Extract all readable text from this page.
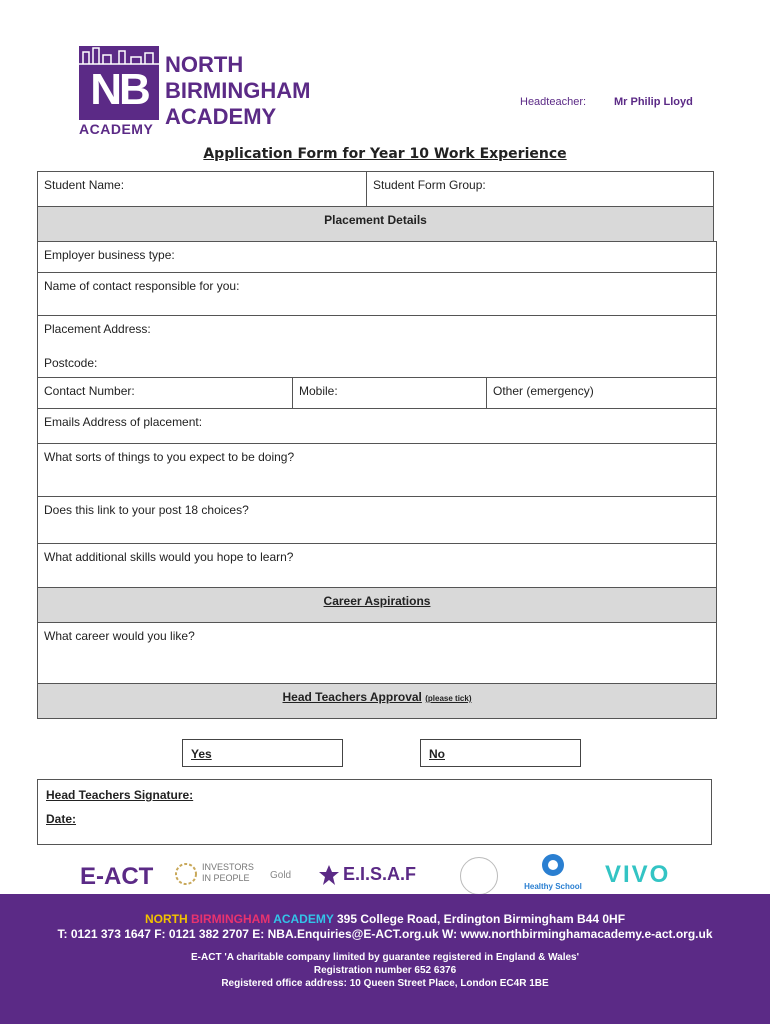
NB
ACADEMY
NORTH
BIRMINGHAM
ACADEMY
Headteacher:	Mr Philip Lloyd
Application Form for Year 10 Work Experience
Student Name:	Student Form Group:
Placement Details
Employer business type:
Name of contact responsible for you:
Placement Address:
Postcode:
Contact Number:	Mobile:	Other (emergency)
Emails Address of placement:
What sorts of things to you expect to be doing?
Does this link to your post 18 choices?
What additional skills would you hope to learn?
Career Aspirations
What career would you like?
Head Teachers Approval (please tick)
Yes	No
Head Teachers Signature:
Date:
E-ACT	INVESTORS
IN PEOPLE	Gold	E.I.S.A.F
Healthy School VIVO
NORTH BIRMINGHAM ACADEMY 395 College Road, Erdington Birmingham B44 0HF
T: 0121 373 1647 F: 0121 382 2707 E: NBA.Enquiries@E-ACT.org.uk W: www.northbirminghamacademy.e-act.org.uk
E-ACT 'A charitable company limited by guarantee registered in England & Wales'
Registration number 652 6376
Registered office address: 10 Queen Street Place, London EC4R 1BE
